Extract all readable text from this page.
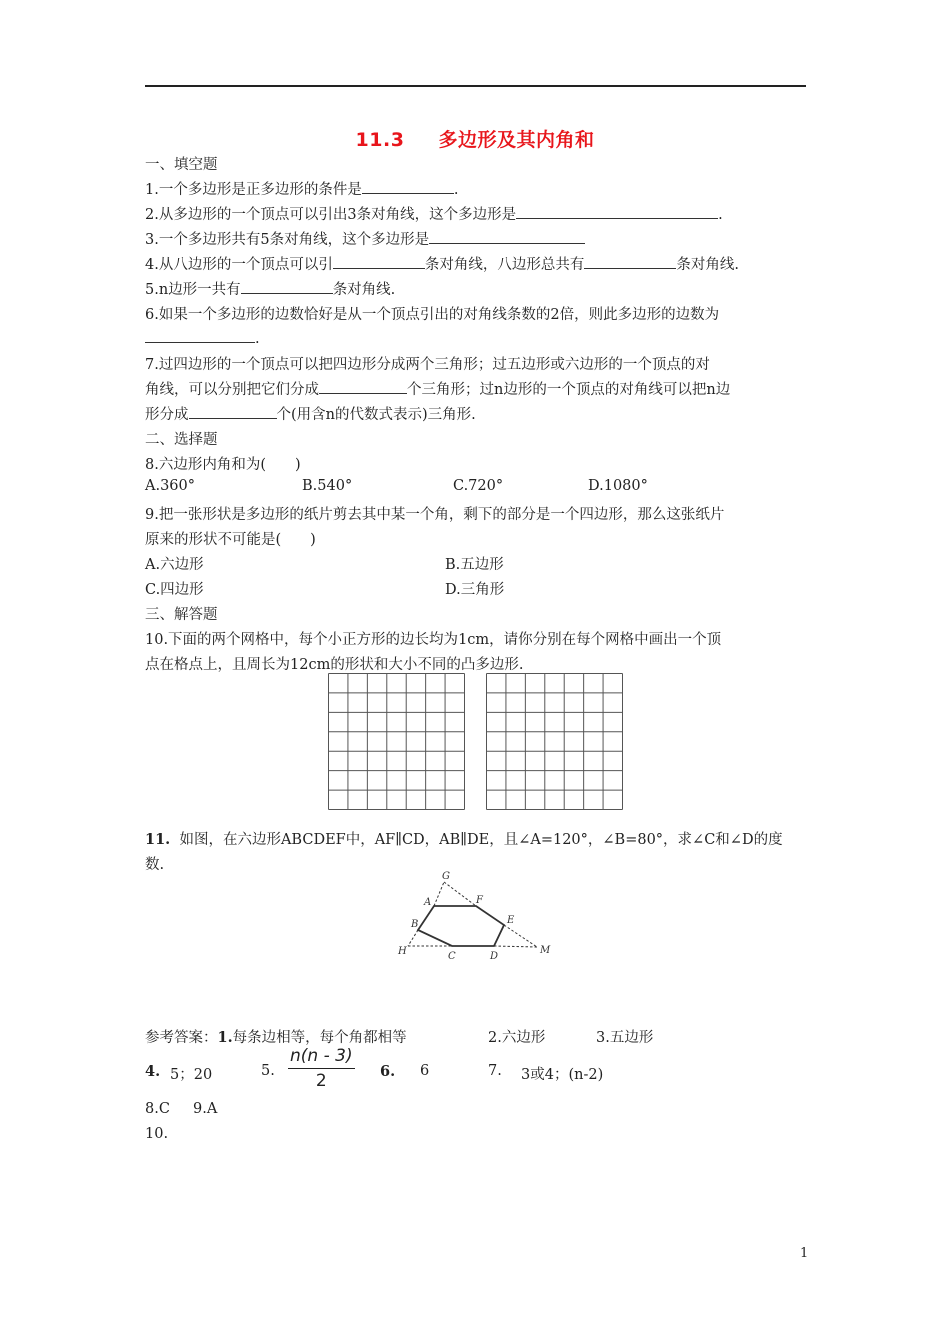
11.3 多边形及其内角和
一、填空题
1.一个多边形是正多边形的条件是	.
2.从多边形的一个顶点可以引出3条对角线，这个多边形是	.
3.一个多边形共有5条对角线，这个多边形是
4.从八边形的一个顶点可以引	条对角线，八边形总共有	条对角线.
5.n边形一共有	条对角线.
6.如果一个多边形的边数恰好是从一个顶点引出的对角线条数的2倍，则此多边形的边数为
.
7.过四边形的一个顶点可以把四边形分成两个三角形；过五边形或六边形的一个顶点的对
角线，可以分别把它们分成	个三角形；过n边形的一个顶点的对角线可以把n边
形分成	个(用含n的代数式表示)三角形.
二、选择题
8.六边形内角和为(　　)
A.360°	B.540°	C.720°	D.1080°
9.把一张形状是多边形的纸片剪去其中某一个角，剩下的部分是一个四边形，那么这张纸片
原来的形状不可能是(　　)
A.六边形	B.五边形
C.四边形	D.三角形
三、解答题
10.下面的两个网格中，每个小正方形的边长均为1cm，请你分别在每个网格中画出一个顶
点在格点上，且周长为12cm的形状和大小不同的凸多边形.
11. 如图，在六边形ABCDEF中，AF∥CD，AB∥DE，且∠A=120°，∠B=80°，求∠C和∠D的度
数.
G
A	F
B	E
H	C	D
M
参考答案：1.每条边相等，每个角都相等	2.六边形	3.五边形
4. 5；20	5.
n(n - 3)
2	6. 6	7. 3或4；(n-2)
8.C 9.A
10.
1
